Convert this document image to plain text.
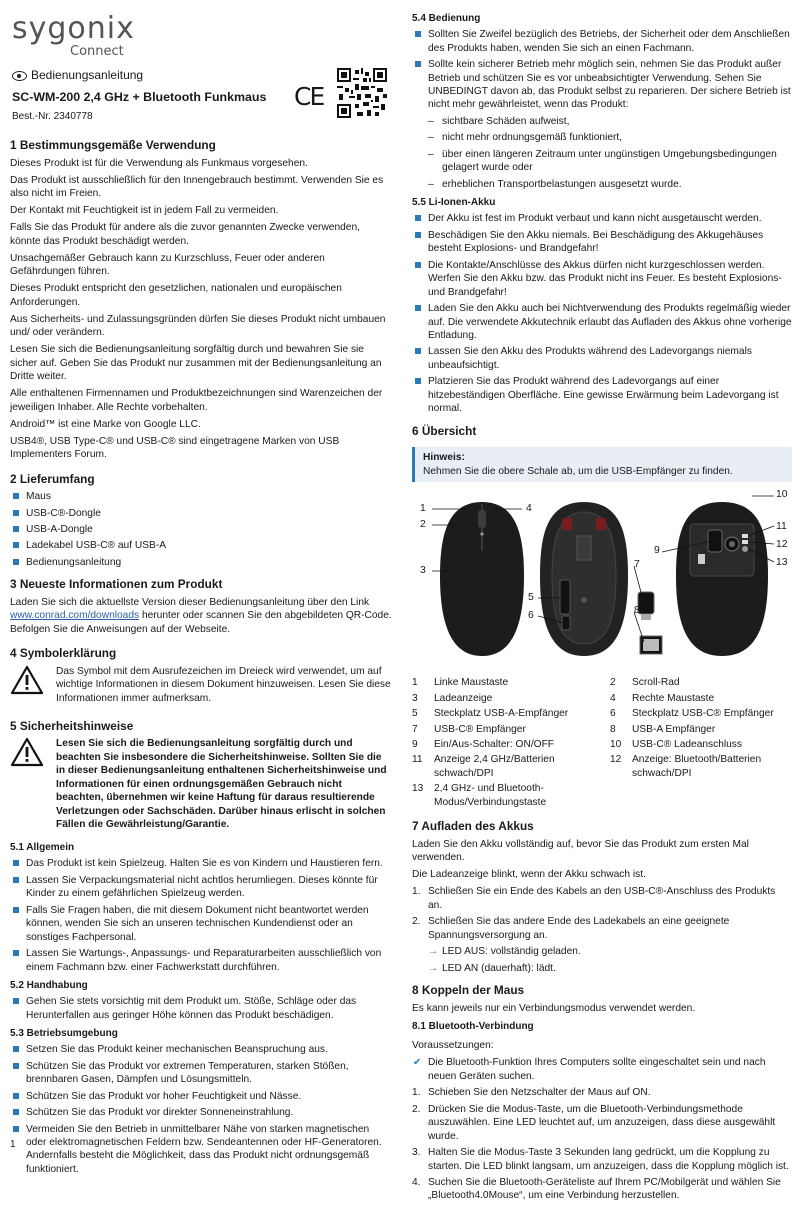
sygonix
Connect
Bedienungsanleitung
SC-WM-200 2,4 GHz + Bluetooth Funkmaus
Best.-Nr. 2340778
CE
1 Bestimmungsgemäße Verwendung

Dieses Produkt ist für die Verwendung als Funkmaus vorgesehen.

Das Produkt ist ausschließlich für den Innengebrauch bestimmt. Verwenden Sie es also nicht im Freien.

Der Kontakt mit Feuchtigkeit ist in jedem Fall zu vermeiden.

Falls Sie das Produkt für andere als die zuvor genannten Zwecke verwenden, könnte das Produkt beschädigt werden.

Unsachgemäßer Gebrauch kann zu Kurzschluss, Feuer oder anderen Gefährdungen führen.

Dieses Produkt entspricht den gesetzlichen, nationalen und europäischen Anforderungen.

Aus Sicherheits- und Zulassungsgründen dürfen Sie dieses Produkt nicht umbauen und/ oder verändern.

Lesen Sie sich die Bedienungsanleitung sorgfältig durch und bewahren Sie sie sicher auf. Geben Sie das Produkt nur zusammen mit der Bedienungsanleitung an Dritte weiter.

Alle enthaltenen Firmennamen und Produktbezeichnungen sind Warenzeichen der jeweiligen Inhaber. Alle Rechte vorbehalten.

Android™ ist eine Marke von Google LLC.

USB4®, USB Type-C® und USB-C® sind eingetragene Marken von USB Implementers Forum.

2 Lieferumfang
Maus
USB-C®-Dongle
USB-A-Dongle
Ladekabel USB-C® auf USB-A
Bedienungsanleitung
3 Neueste Informationen zum Produkt

Laden Sie sich die aktuellste Version dieser Bedienungsanleitung über den Link www.conrad.com/downloads herunter oder scannen Sie den abgebildeten QR-Code. Befolgen Sie die Anweisungen auf der Webseite.

4 Symbolerklärung

Das Symbol mit dem Ausrufezeichen im Dreieck wird verwendet, um auf wichtige Informationen in diesem Dokument hinzuweisen. Lesen Sie diese Informationen immer aufmerksam.

5 Sicherheitshinweise

Lesen Sie sich die Bedienungsanleitung sorgfältig durch und beachten Sie insbesondere die Sicherheitshinweise. Sollten Sie die in dieser Bedienungsanleitung enthaltenen Sicherheitshinweise und Informationen für einen ordnungsgemäßen Gebrauch nicht beachten, übernehmen wir keine Haftung für daraus resultierende Verletzungen oder Sachschäden. Darüber hinaus erlischt in solchen Fällen die Gewährleistung/Garantie.

5.1 Allgemein
Das Produkt ist kein Spielzeug. Halten Sie es von Kindern und Haustieren fern.
Lassen Sie Verpackungsmaterial nicht achtlos herumliegen. Dieses könnte für Kinder zu einem gefährlichen Spielzeug werden.
Falls Sie Fragen haben, die mit diesem Dokument nicht beantwortet werden können, wenden Sie sich an unseren technischen Kundendienst oder an sonstiges Fachpersonal.
Lassen Sie Wartungs-, Anpassungs- und Reparaturarbeiten ausschließlich von einem Fachmann bzw. einer Fachwerkstatt durchführen.
5.2 Handhabung
Gehen Sie stets vorsichtig mit dem Produkt um. Stöße, Schläge oder das Herunterfallen aus geringer Höhe können das Produkt beschädigen.
5.3 Betriebsumgebung
Setzen Sie das Produkt keiner mechanischen Beanspruchung aus.
Schützen Sie das Produkt vor extremen Temperaturen, starken Stößen, brennbaren Gasen, Dämpfen und Lösungsmitteln.
Schützen Sie das Produkt vor hoher Feuchtigkeit und Nässe.
Schützen Sie das Produkt vor direkter Sonneneinstrahlung.
Vermeiden Sie den Betrieb in unmittelbarer Nähe von starken magnetischen oder elektromagnetischen Feldern bzw. Sendeantennen oder HF-Generatoren. Andernfalls besteht die Möglichkeit, dass das Produkt nicht ordnungsgemäß funktioniert.
5.4 Bedienung
Sollten Sie Zweifel bezüglich des Betriebs, der Sicherheit oder dem Anschließen des Produkts haben, wenden Sie sich an einen Fachmann.
Sollte kein sicherer Betrieb mehr möglich sein, nehmen Sie das Produkt außer Betrieb und schützen Sie es vor unbeabsichtigter Verwendung. Sehen Sie UNBEDINGT davon ab, das Produkt selbst zu reparieren. Der sichere Betrieb ist nicht mehr gewährleistet, wenn das Produkt:
– sichtbare Schäden aufweist,
– nicht mehr ordnungsgemäß funktioniert,
– über einen längeren Zeitraum unter ungünstigen Umgebungsbedingungen gelagert wurde oder
– erheblichen Transportbelastungen ausgesetzt wurde.
5.5 Li-Ionen-Akku
Der Akku ist fest im Produkt verbaut und kann nicht ausgetauscht werden.
Beschädigen Sie den Akku niemals. Bei Beschädigung des Akkugehäuses besteht Explosions- und Brandgefahr!
Die Kontakte/Anschlüsse des Akkus dürfen nicht kurzgeschlossen werden. Werfen Sie den Akku bzw. das Produkt nicht ins Feuer. Es besteht Explosions- und Brandgefahr!
Laden Sie den Akku auch bei Nichtverwendung des Produkts regelmäßig wieder auf. Die verwendete Akkutechnik erlaubt das Aufladen des Akkus ohne vorherige Entladung.
Lassen Sie den Akku des Produkts während des Ladevorgangs niemals unbeaufsichtigt.
Platzieren Sie das Produkt während des Ladevorgangs auf einer hitzebeständigen Oberfläche. Eine gewisse Erwärmung beim Ladevorgang ist normal.
6 Übersicht
Hinweis:
Nehmen Sie die obere Schale ab, um die USB-Empfänger zu finden.
1
2
3
4
5
6
7
8
9
10
11
12
13
1	Linke Maustaste	2	Scroll-Rad
3	Ladeanzeige	4	Rechte Maustaste
5	Steckplatz USB-A-Empfänger	6	Steckplatz USB-C® Empfänger
7	USB-C® Empfänger	8	USB-A Empfänger
9	Ein/Aus-Schalter: ON/OFF	10	USB-C® Ladeanschluss
11	Anzeige 2,4 GHz/Batterien schwach/DPI
12	Anzeige: Bluetooth/Batterien schwach/DPI
13	2,4 GHz- und Bluetooth-Modus/Verbindungstaste
7 Aufladen des Akkus

Laden Sie den Akku vollständig auf, bevor Sie das Produkt zum ersten Mal verwenden.

Die Ladeanzeige blinkt, wenn der Akku schwach ist.

1. Schließen Sie ein Ende des Kabels an den USB-C®-Anschluss des Produkts an.
2. Schließen Sie das andere Ende des Ladekabels an eine geeignete Spannungsversorgung an.
→ LED AUS: vollständig geladen.
→ LED AN (dauerhaft): lädt.
8 Koppeln der Maus

Es kann jeweils nur ein Verbindungsmodus verwendet werden.

8.1 Bluetooth-Verbindung

Voraussetzungen:

✔ Die Bluetooth-Funktion Ihres Computers sollte eingeschaltet sein und nach neuen Geräten suchen.
1. Schieben Sie den Netzschalter der Maus auf ON.
2. Drücken Sie die Modus-Taste, um die Bluetooth-Verbindungsmethode auszuwählen. Eine LED leuchtet auf, um anzuzeigen, dass diese ausgewählt wurde.
3. Halten Sie die Modus-Taste 3 Sekunden lang gedrückt, um die Kopplung zu starten. Die LED blinkt langsam, um anzuzeigen, dass die Kopplung möglich ist.
4. Suchen Sie die Bluetooth-Geräteliste auf Ihrem PC/Mobilgerät und wählen Sie „Bluetooth4.0Mouse“, um eine Verbindung herzustellen.
1
